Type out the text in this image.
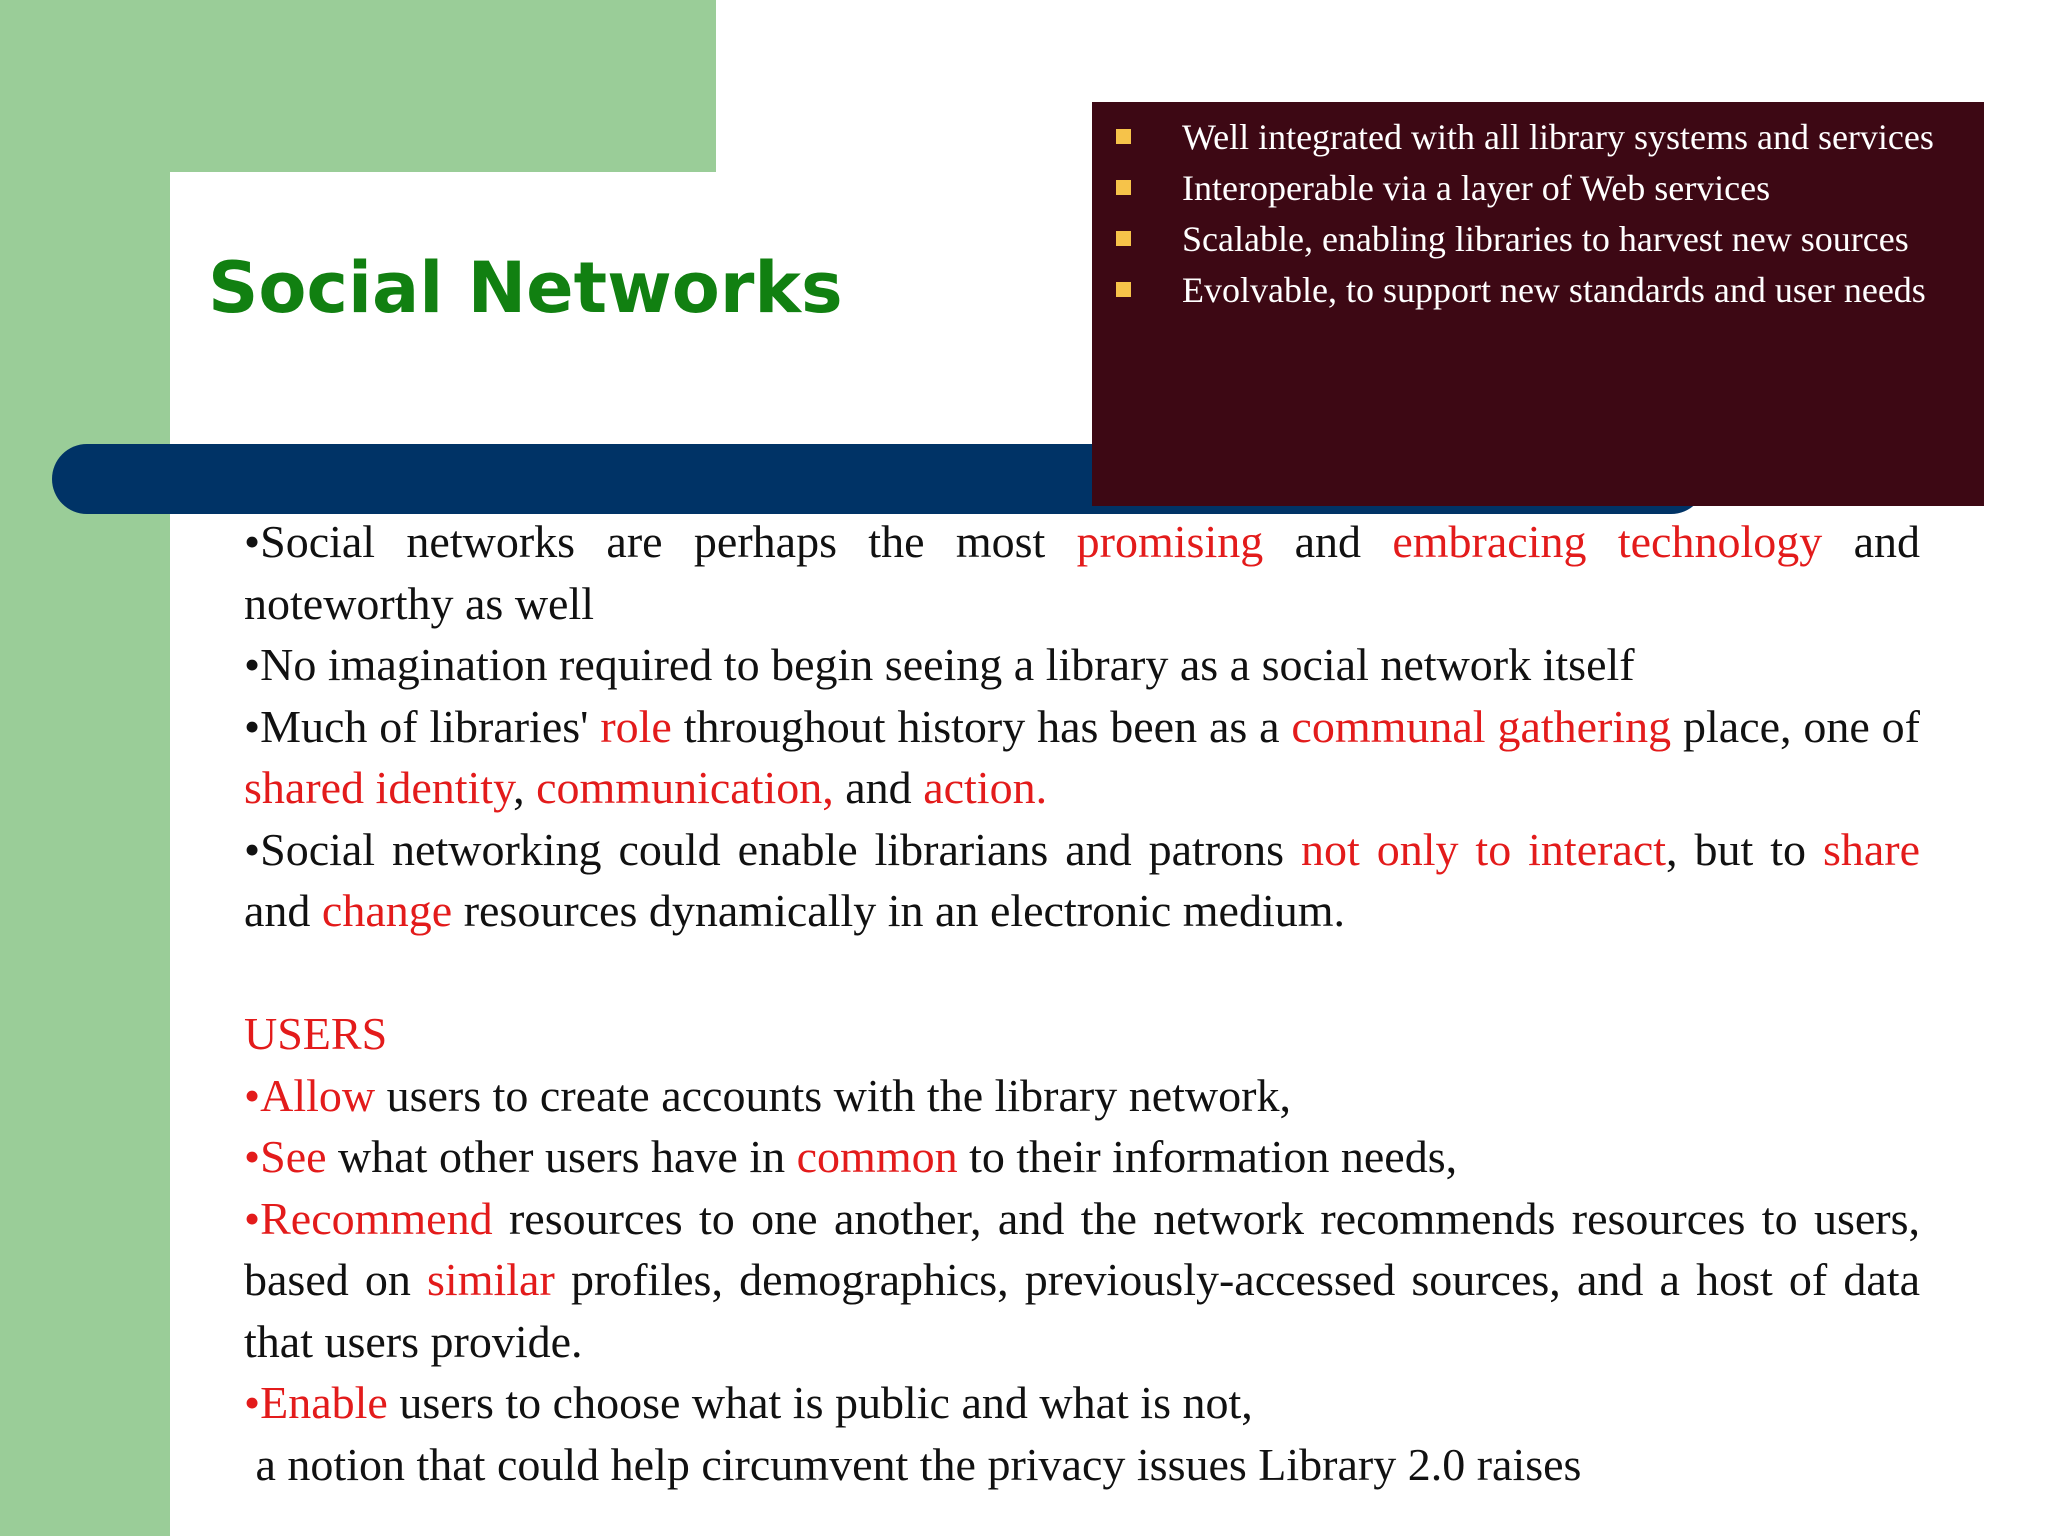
Social Networks
Well integrated with all library systems and services
Interoperable via a layer of Web services
Scalable, enabling libraries to harvest new sources
Evolvable, to support new standards and user needs

•Social networks are perhaps the most promising and embracing technology and noteworthy as well

•No imagination required to begin seeing a library as a social network itself

•Much of libraries' role throughout history has been as a communal gathering place, one of shared identity, communication, and action.

•Social networking could enable librarians and patrons not only to interact, but to share and change resources dynamically in an electronic medium.

USERS

•Allow users to create accounts with the library network,

•See what other users have in common to their information needs,

•Recommend resources to one another, and the network recommends resources to users, based on similar profiles, demographics, previously-accessed sources, and a host of data that users provide.

•Enable users to choose what is public and what is not,

a notion that could help circumvent the privacy issues Library 2.0 raises
